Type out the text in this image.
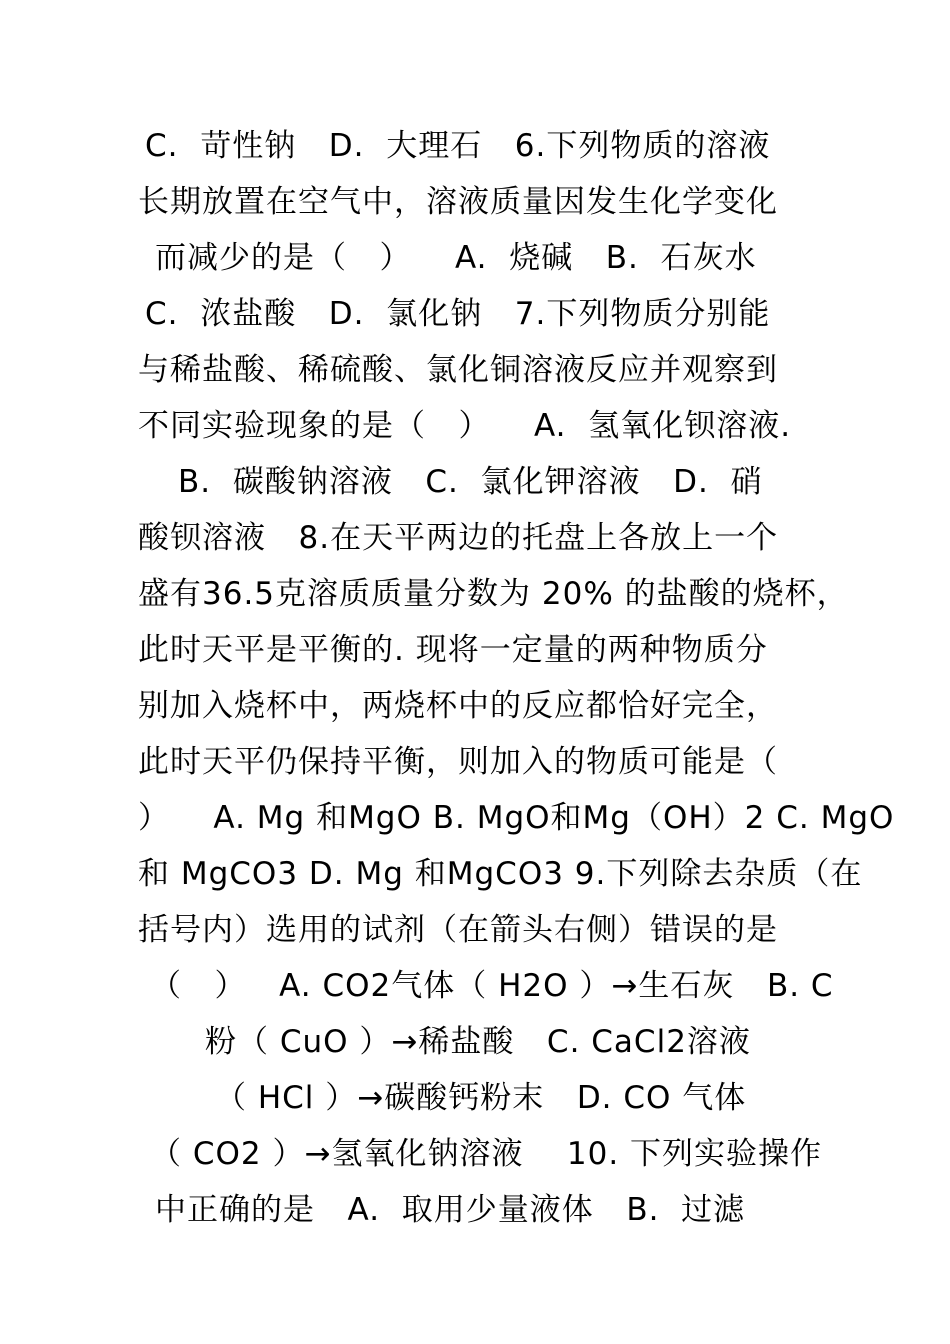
C.  苛性钠   D.  大理石   6.下列物质的溶液
长期放置在空气中，溶液质量因发生化学变化
而减少的是（   ）    A.  烧碱   B.  石灰水
C.  浓盐酸   D.  氯化钠   7.下列物质分别能
与稀盐酸、稀硫酸、氯化铜溶液反应并观察到
不同实验现象的是（   ）    A.  氢氧化钡溶液.
B.  碳酸钠溶液   C.  氯化钾溶液   D.  硝
酸钡溶液   8.在天平两边的托盘上各放上一个
盛有36.5克溶质质量分数为 20% 的盐酸的烧杯，
此时天平是平衡的. 现将一定量的两种物质分
别加入烧杯中，两烧杯中的反应都恰好完全，
此时天平仍保持平衡，则加入的物质可能是（
）    A. Mg 和MgO B. MgO和Mg（OH）2 C. MgO
和 MgCO3 D. Mg 和MgCO3 9.下列除去杂质（在
括号内）选用的试剂（在箭头右侧）错误的是
（   ）   A. CO2气体（ H2O ）→生石灰   B. C
粉（ CuO ）→稀盐酸   C. CaCl2溶液
（ HCl ）→碳酸钙粉末   D. CO 气体
（ CO2 ）→氢氧化钠溶液    10. 下列实验操作
中正确的是   A.  取用少量液体   B.  过滤
